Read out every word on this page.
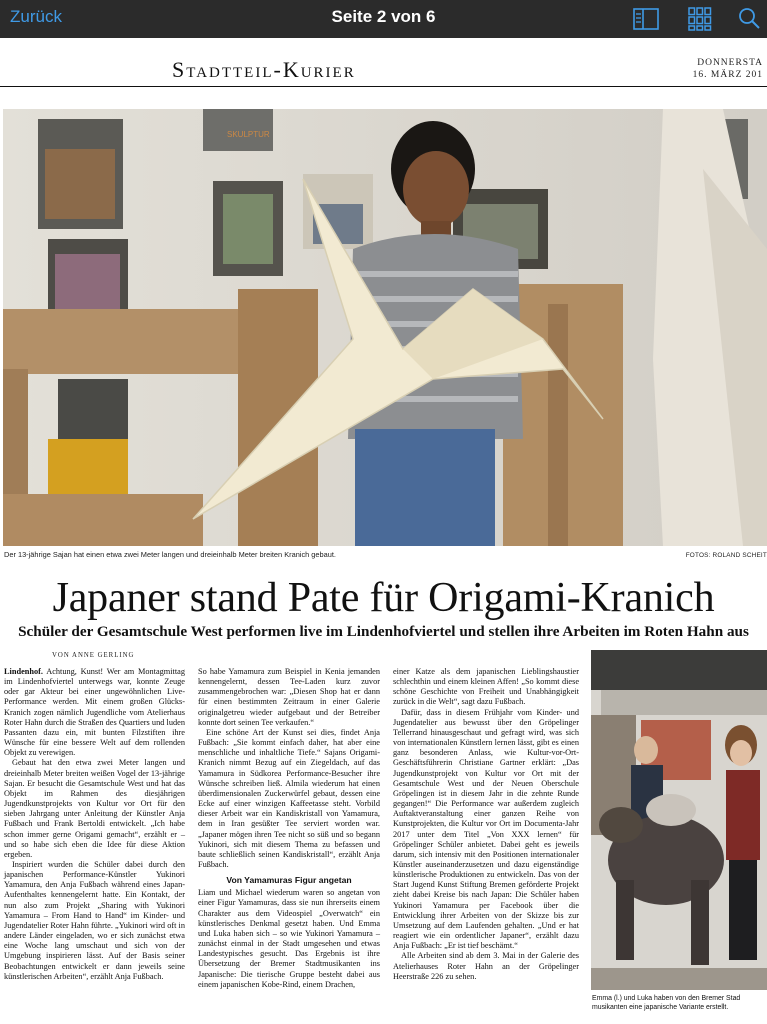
Zurück	Seite 2 von 6
Stadtteil-Kurier	DONNERSTA
16. MÄRZ 201
SKULPTUR
Der 13-jährige Sajan hat einen etwa zwei Meter langen und dreieinhalb Meter breiten Kranich gebaut.	FOTOS: ROLAND SCHEIT
Japaner stand Pate für Origami-Kranich
Schüler der Gesamtschule West performen live im Lindenhofviertel und stellen ihre Arbeiten im Roten Hahn aus
VON ANNE GERLING

Lindenhof. Achtung, Kunst! Wer am Montagmittag im Lindenhofviertel unterwegs war, konnte Zeuge oder gar Akteur bei einer ungewöhnlichen Live-Performance werden. Mit einem großen Glücks-Kranich zogen nämlich Jugendliche vom Atelierhaus Roter Hahn durch die Straßen des Quartiers und luden Passanten dazu ein, mit bunten Filzstiften ihre Wünsche für eine bessere Welt auf dem rollenden Objekt zu verewigen.

Gebaut hat den etwa zwei Meter langen und dreieinhalb Meter breiten weißen Vogel der 13-jährige Sajan. Er besucht die Gesamtschule West und hat das Objekt im Rahmen des diesjährigen Jugendkunstprojekts von Kultur vor Ort für den sieben Jahrgang unter Anleitung der Künstler Anja Fußbach und Frank Bertoldi entwickelt. „Ich habe schon immer gerne Origami gemacht“, erzählt er – und so habe sich eben die Idee für diese Aktion ergeben.

Inspiriert wurden die Schüler dabei durch den japanischen Performance-Künstler Yukinori Yamamura, den Anja Fußbach während eines Japan-Aufenthaltes kennengelernt hatte. Ein Kontakt, der nun also zum Projekt „Sharing with Yukinori Yamamura – From Hand to Hand“ im Kinder- und Jugendatelier Roter Hahn führte. „Yukinori wird oft in andere Länder eingeladen, wo er sich zunächst etwa eine Woche lang umschaut und sich von der Umgebung inspirieren lässt. Auf der Basis seiner Beobachtungen entwickelt er dann jeweils seine künstlerischen Arbeiten“, erzählt Anja Fußbach.

So habe Yamamura zum Beispiel in Kenia jemanden kennengelernt, dessen Tee-Laden kurz zuvor zusammengebrochen war: „Diesen Shop hat er dann für einen bestimmten Zeitraum in einer Galerie originalgetreu wieder aufgebaut und der Betreiber konnte dort seinen Tee verkaufen.“

Eine schöne Art der Kunst sei dies, findet Anja Fußbach: „Sie kommt einfach daher, hat aber eine menschliche und inhaltliche Tiefe.“ Sajans Origami-Kranich nimmt Bezug auf ein Ziegeldach, auf das Yamamura in Südkorea Performance-Besucher ihre Wünsche schreiben ließ. Almila wiederum hat einen überdimensionalen Zuckerwürfel gebaut, dessen eine Ecke auf einer winzigen Kaffeetasse steht. Vorbild dieser Arbeit war ein Kandiskristall von Yamamura, dem in Iran gesüßter Tee serviert worden war. „Japaner mögen ihren Tee nicht so süß und so begann Yukinori, sich mit diesem Thema zu befassen und baute schließlich seinen Kandiskristall“, erzählt Anja Fußbach.

Von Yamamuras Figur angetan

Liam und Michael wiederum waren so angetan von einer Figur Yamamuras, dass sie nun ihrerseits einem Charakter aus dem Videospiel „Overwatch“ ein künstlerisches Denkmal gesetzt haben. Und Emma und Luka haben sich – so wie Yukinori Yamamura – zunächst einmal in der Stadt umgesehen und etwas Landestypisches gesucht. Das Ergebnis ist ihre Übersetzung der Bremer Stadtmusikanten ins Japanische: Die tierische Gruppe besteht dabei aus einem japanischen Kobe-Rind, einem Drachen,

einer Katze als dem japanischen Lieblingshaustier schlechthin und einem kleinen Affen! „So kommt diese schöne Geschichte von Freiheit und Unabhängigkeit zurück in die Welt“, sagt dazu Fußbach.

Dafür, dass in diesem Frühjahr vom Kinder- und Jugendatelier aus bewusst über den Gröpelinger Tellerrand hinausgeschaut und gefragt wird, was sich von internationalen Künstlern lernen lässt, gibt es einen ganz besonderen Anlass, wie Kultur-vor-Ort-Geschäftsführerin Christiane Gartner erklärt: „Das Jugendkunstprojekt von Kultur vor Ort mit der Gesamtschule West und der Neuen Oberschule Gröpelingen ist in diesem Jahr in die zehnte Runde gegangen!“ Die Performance war außerdem zugleich Auftaktveranstaltung einer ganzen Reihe von Kunstprojekten, die Kultur vor Ort im Documenta-Jahr 2017 unter dem Titel „Von XXX lernen“ für Gröpelinger Schüler anbietet. Dabei geht es jeweils darum, sich intensiv mit den Positionen internationaler Künstler auseinanderzusetzen und dazu eigenständige künstlerische Produktionen zu entwickeln. Das von der Start Jugend Kunst Stiftung Bremen geförderte Projekt zieht dabei Kreise bis nach Japan: Die Schüler haben Yukinori Yamamura per Facebook über die Entwicklung ihrer Arbeiten von der Skizze bis zur Umsetzung auf dem Laufenden gehalten. „Und er hat reagiert wie ein ordentlicher Japaner“, erzählt dazu Anja Fußbach: „Er ist tief beschämt.“

Alle Arbeiten sind ab dem 3. Mai in der Galerie des Atelierhauses Roter Hahn an der Gröpelinger Heerstraße 226 zu sehen.

Emma (l.) und Luka haben von den Bremer Stad
musikanten eine japanische Variante erstellt.
